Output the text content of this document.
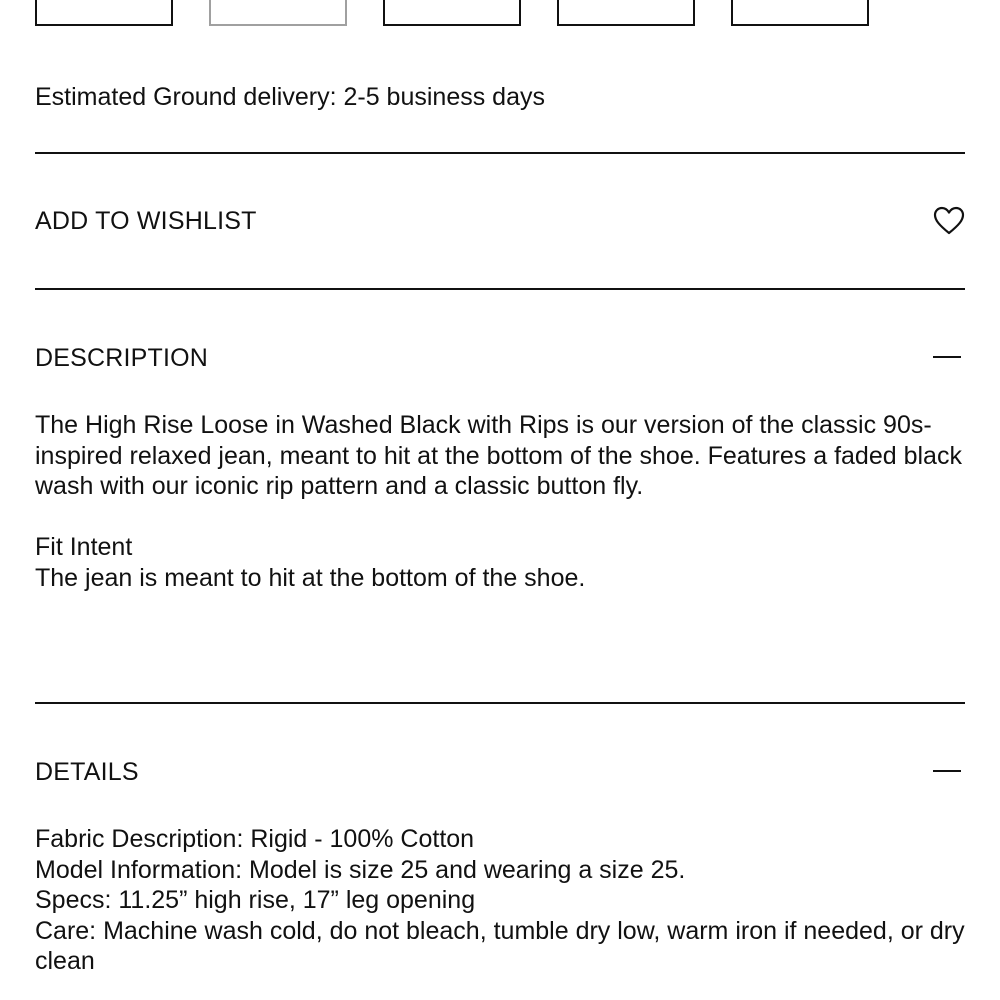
Estimated Ground delivery: 2-5 business days
ADD TO WISHLIST
DESCRIPTION

The High Rise Loose in Washed Black with Rips is our version of the classic 90s-inspired relaxed jean, meant to hit at the bottom of the shoe. Features a faded black wash with our iconic rip pattern and a classic button fly.

Fit Intent

The jean is meant to hit at the bottom of the shoe.

DETAILS

Fabric Description: Rigid - 100% Cotton

Model Information: Model is size 25 and wearing a size 25.

Specs: 11.25” high rise, 17” leg opening

Care: Machine wash cold, do not bleach, tumble dry low, warm iron if needed, or dry clean
